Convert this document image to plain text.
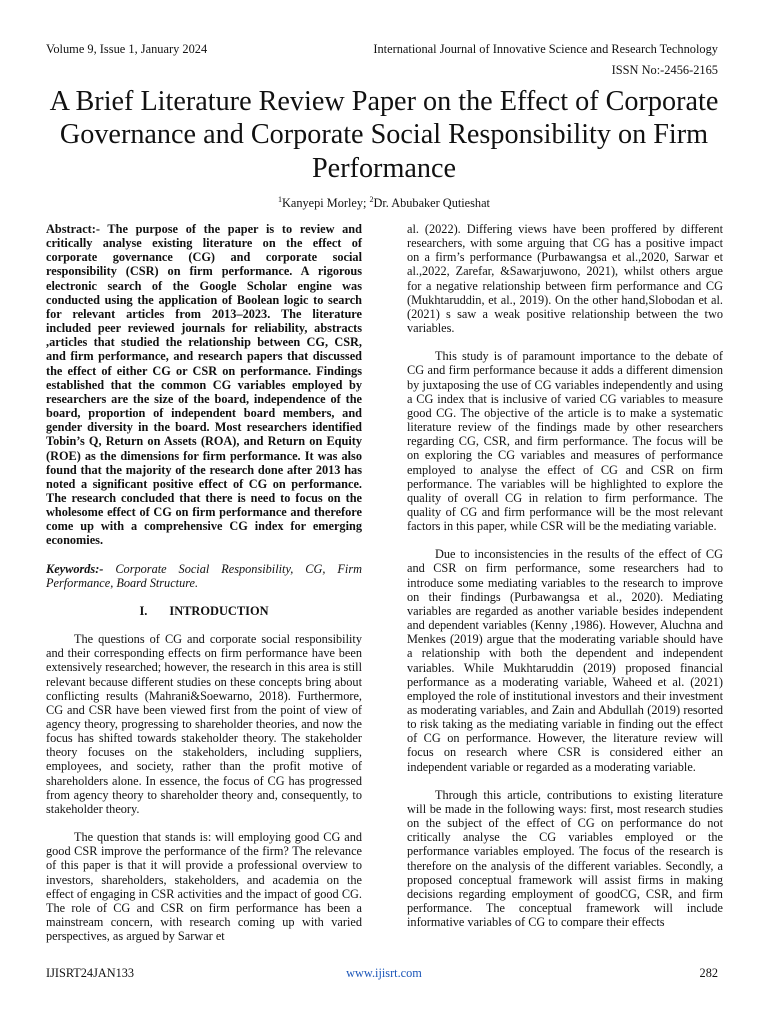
Volume 9, Issue 1, January 2024	International Journal of Innovative Science and Research Technology
ISSN No:-2456-2165
A Brief Literature Review Paper on the Effect of Corporate Governance and Corporate Social Responsibility on Firm Performance
$^1$Kanyepi Morley; $^2$Dr. Abubaker Qutieshat

Abstract:- The purpose of the paper is to review and critically analyse existing literature on the effect of corporate governance (CG) and corporate social responsibility (CSR) on firm performance. A rigorous electronic search of the Google Scholar engine was conducted using the application of Boolean logic to search for relevant articles from 2013–2023. The literature included peer reviewed journals for reliability, abstracts ,articles that studied the relationship between CG, CSR, and firm performance, and research papers that discussed the effect of either CG or CSR on performance. Findings established that the common CG variables employed by researchers are the size of the board, independence of the board, proportion of independent board members, and gender diversity in the board. Most researchers identified Tobin’s Q, Return on Assets (ROA), and Return on Equity (ROE) as the dimensions for firm performance. It was also found that the majority of the research done after 2013 has noted a significant positive effect of CG on performance. The research concluded that there is need to focus on the wholesome effect of CG on firm performance and therefore come up with a comprehensive CG index for emerging economies.

Keywords:- Corporate Social Responsibility, CG, Firm Performance, Board Structure.

I. INTRODUCTION

The questions of CG and corporate social responsibility and their corresponding effects on firm performance have been extensively researched; however, the research in this area is still relevant because different studies on these concepts bring about conflicting results (Mahrani&Soewarno, 2018). Furthermore, CG and CSR have been viewed first from the point of view of agency theory, progressing to shareholder theories, and now the focus has shifted towards stakeholder theory. The stakeholder theory focuses on the stakeholders, including suppliers, employees, and society, rather than the profit motive of shareholders alone. In essence, the focus of CG has progressed from agency theory to shareholder theory and, consequently, to stakeholder theory.

The question that stands is: will employing good CG and good CSR improve the performance of the firm? The relevance of this paper is that it will provide a professional overview to investors, shareholders, stakeholders, and academia on the effect of engaging in CSR activities and the impact of good CG. The role of CG and CSR on firm performance has been a mainstream concern, with research coming up with varied perspectives, as argued by Sarwar et

al. (2022). Differing views have been proffered by different researchers, with some arguing that CG has a positive impact on a firm’s performance (Purbawangsa et al.,2020, Sarwar et al.,2022, Zarefar, &Sawarjuwono, 2021), whilst others argue for a negative relationship between firm performance and CG (Mukhtaruddin, et al., 2019). On the other hand,Slobodan et al. (2021) s saw a weak positive relationship between the two variables.

This study is of paramount importance to the debate of CG and firm performance because it adds a different dimension by juxtaposing the use of CG variables independently and using a CG index that is inclusive of varied CG variables to measure good CG. The objective of the article is to make a systematic literature review of the findings made by other researchers regarding CG, CSR, and firm performance. The focus will be on exploring the CG variables and measures of performance employed to analyse the effect of CG and CSR on firm performance. The variables will be highlighted to explore the quality of overall CG in relation to firm performance. The quality of CG and firm performance will be the most relevant factors in this paper, while CSR will be the mediating variable.

Due to inconsistencies in the results of the effect of CG and CSR on firm performance, some researchers had to introduce some mediating variables to the research to improve on their findings (Purbawangsa et al., 2020). Mediating variables are regarded as another variable besides independent and dependent variables (Kenny ,1986). However, Aluchna and Menkes (2019) argue that the moderating variable should have a relationship with both the dependent and independent variables. While Mukhtaruddin (2019) proposed financial performance as a moderating variable, Waheed et al. (2021) employed the role of institutional investors and their investment as moderating variables, and Zain and Abdullah (2019) resorted to risk taking as the mediating variable in finding out the effect of CG on performance. However, the literature review will focus on research where CSR is considered either an independent variable or regarded as a moderating variable.

Through this article, contributions to existing literature will be made in the following ways: first, most research studies on the subject of the effect of CG on performance do not critically analyse the CG variables employed or the performance variables employed. The focus of the research is therefore on the analysis of the different variables. Secondly, a proposed conceptual framework will assist firms in making decisions regarding employment of goodCG, CSR, and firm performance. The conceptual framework will include informative variables of CG to compare their effects

IJISRT24JAN133	www.ijisrt.com	282
